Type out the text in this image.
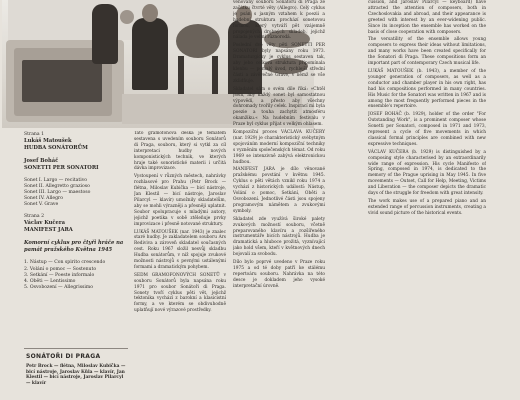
Strana 1

Lukáš Matoušek

HUDBA SONÁTORŮM

Josef Boháč

SONETTI PER SONATORI

Sonet I. Largo — recitativo
Sonet II. Allegretto grazioso
Sonet III. Largo — maestoso
Sonet IV. Allegro
Sonet V. Grave

Strana 2

Václav Kučera

MANIFEST JARA

Komorní cyklus pro čtyři hráče na památ pražského Května 1945

1. Nástup — Con spirito crescendo
2. Volání o pomoc — Sostenuto
3. Setkání — Poeste informalo
4. Oběti — Lentissimo
5. Osvobození — Allegrissimo
SONÁTOŘI DI PRAGA

Petr Brock — flétna, Miloslav Kubička — bicí nástroje, Jaroslav Kůla — klavír, Jan Klestil — bicí nástroje, Jaroslav Pilarcyl — klavír

Tato gramofonová deska je tématem sestavena s uvedením souboru Sonátorů di Praga, souboru, který si vytkl za cíl interpretaci hudby nových komponistických technik, ve kterých hraje také sonoristické materii i určitá dávka improvizace.

Vystoupení v různých městech, nahrávky rozhlasové pro Prahu (Petr Brock — flétna, Miloslav Kubička — bicí nástroje, Jan Klestil — bicí nástroje, Jaroslav Pilarcyl — klavír) umožnily skladatelům, aby se mohli výrazněji a přesněji uplatnit. Soubor spolupracuje s mladými autory, jejichž poetika v sobě ztěleňuje prvky improvizace i přesně notované struktury.

LUKÁŠ MATOUŠEK (nar. 1943) je znalec staré hudby. Je zakladatelem souboru Ars Rediviva a zároveň skladatel současných cest. Roku 1967 složil nesvůj skladbu Hudba sonátorům, v níž spojuje zvukové možnosti nástrojů s pevnými ustálenými formami a dramatickým pohybem.

SEDM GRAMOFONOVÝCH SONETŮ v souboru Sonátorů byla napsána roku 1971 pro soubor Sonátoři di Praga. Sonety tvoří cyklus pěti vět, jejichž tektonika vychází z barokní a klasicistní formy, a ve kterém se obdivuhodně uplatňují nové výrazové prostředky.

věnovaný souboru Sonátorů di Praga ze začátku čtvrté věty (Allegro). Celý cyklus je psán s jasným vztahem k poezii a hudební struktura prochází sonetovou formou, který vytváří pět vzájemně propojených drobných skladeb, jejichž nálada je velmi různorodá.

Poslední dvě věty pěti SONETTI PER SONATORI byly napsány roku 1973. Dramaturgicky je cyklus sestaven tak, aby jeho celková struktura připomínala klenbu — pomalý úvod, rychlejší střední části a závěrečné Grave, v němž se vše zklidňuje.

Skladatel sám o svém díle říká: »Chtěl jsem, aby každý sonet byl samostatnou výpovědí, a přesto aby všechny dohromady tvořily celek. Inspirací mi byla poezie a touha zachytit atmosféru okamžiku.« Na hudebním festivalu v Praze byl cyklus přijat s velkým ohlasem.

Kompoziční proces VÁCLAVA KUČERY (nar. 1929) je charakteristický svébytným spojováním moderní kompoziční techniky s vyzněním společenských témat. Od roku 1969 se intenzivně zabývá elektronickou hudbou.

MANIFEST JARA je dílo věnované pražskému povstání v květnu 1945. Cyklus o pěti větách vznikl roku 1974 a vychází z historických událostí: Nástup, Volání o pomoc, Setkání, Oběti a Osvobození. Jednotlivé části jsou spojeny programovým námětem a zvukovými symboly.

Skladatel zde využívá široké palety zvukových možností souboru, včetně preparovaného klavíru a rozšířeného instrumentáře bicích nástrojů. Hudba je dramatická a hluboce prožitá, vyznívající jako hold všem, kteří v květnových dnech bojovali za svobodu.

Dílo bylo poprvé uvedeno v Praze roku 1975 a od té doby patří ke stálému repertoáru souboru. Nahrávka na této desce je dokladem jeho vysoké interpretační úrovně.

cussion, and Jaroslav Pilarcyl — keyboard) have attracted the attention of composers, both in Czechoslovakia and abroad, and their appearance is greeted with interest by an ever-widening public. Since its inception the ensemble has worked on the basis of close cooperation with composers.

The versatility of the ensemble allows young composers to express their ideas without limitations, and many works have been created specifically for the Sonatori di Praga. These compositions form an important part of contemporary Czech musical life.

LUKÁŠ MATOUŠEK (b. 1943), a member of the younger generation of composers, as well as a conductor and chamber player in his own right, has had his compositions performed in many countries. His Music for the Sonatori was written in 1967 and is among the most frequently performed pieces in the ensemble's repertoire.

JOSEF BOHÁČ (b. 1929), holder of the order "For Outstanding Work", is a prominent composer whose Sonetti per Sonatori, composed in 1971 and 1973, represent a cycle of five movements in which classical formal principles are combined with new expressive techniques.

VÁCLAV KUČERA (b. 1929) is distinguished by a composing style characterised by an extraordinarily wide range of expression. His cycle Manifesto of Spring, composed in 1974, is dedicated to the memory of the Prague uprising in May 1945. In five movements — Outset, Call for Help, Meeting, Victims and Liberation — the composer depicts the dramatic days of the struggle for freedom with great intensity.

The work makes use of a prepared piano and an extended range of percussion instruments, creating a vivid sound picture of the historical events.
